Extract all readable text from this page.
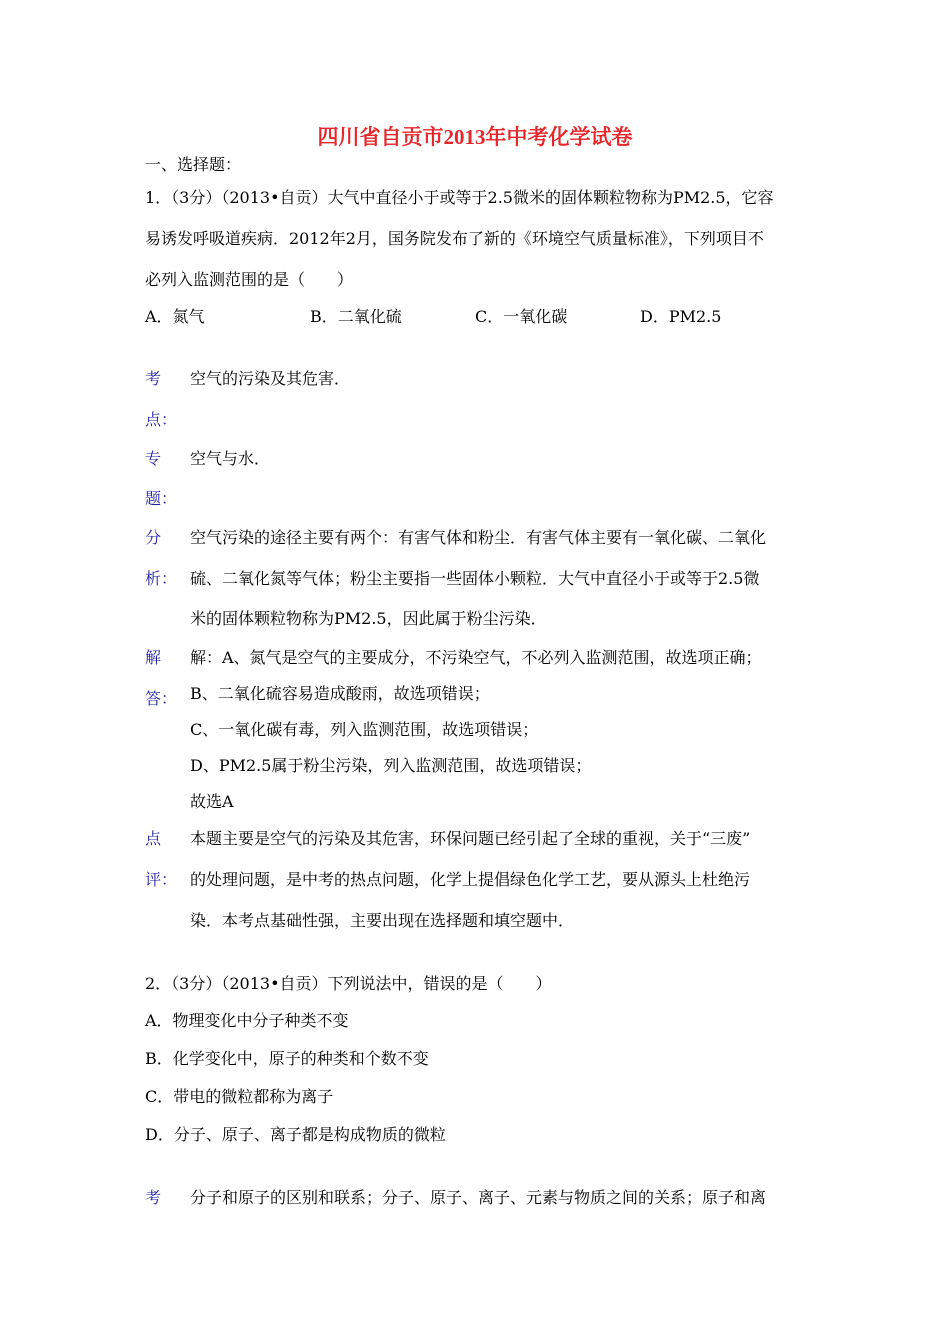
四川省自贡市2013年中考化学试卷
一、选择题：
1．（3分）（2013•自贡）大气中直径小于或等于2.5微米的固体颗粒物称为PM2.5，它容
易诱发呼吸道疾病．2012年2月，国务院发布了新的《环境空气质量标准》，下列项目不
必列入监测范围的是（　　）
A．氮气	B．二氧化硫	C．一氧化碳	D．PM2.5
考
点：
空气的污染及其危害．
专
题：
空气与水．
分
析：
空气污染的途径主要有两个：有害气体和粉尘．有害气体主要有一氧化碳、二氧化
硫、二氧化氮等气体；粉尘主要指一些固体小颗粒．大气中直径小于或等于2.5微
米的固体颗粒物称为PM2.5，因此属于粉尘污染．
解
答：
解：A、氮气是空气的主要成分，不污染空气，不必列入监测范围，故选项正确；
B、二氧化硫容易造成酸雨，故选项错误；
C、一氧化碳有毒，列入监测范围，故选项错误；
D、PM2.5属于粉尘污染，列入监测范围，故选项错误；
故选A
点
评：
本题主要是空气的污染及其危害，环保问题已经引起了全球的重视，关于“三废”
的处理问题，是中考的热点问题，化学上提倡绿色化学工艺，要从源头上杜绝污
染．本考点基础性强，主要出现在选择题和填空题中．
2．（3分）（2013•自贡）下列说法中，错误的是（　　）
A．物理变化中分子种类不变
B．化学变化中，原子的种类和个数不变
C．带电的微粒都称为离子
D．分子、原子、离子都是构成物质的微粒
考 分子和原子的区别和联系；分子、原子、离子、元素与物质之间的关系；原子和离
